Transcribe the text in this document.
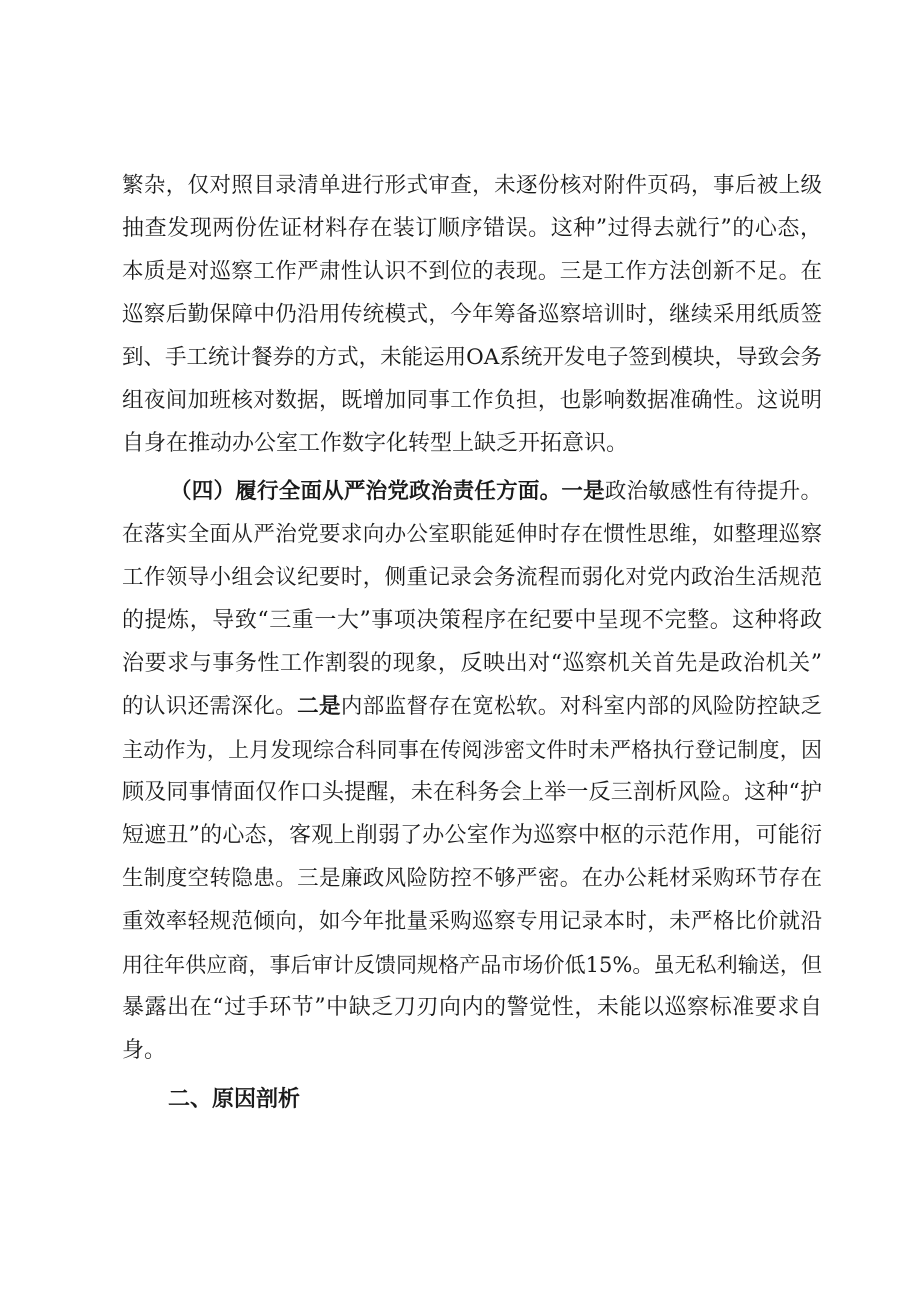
繁杂，仅对照目录清单进行形式审查，未逐份核对附件页码，事后被上级
抽查发现两份佐证材料存在装订顺序错误。这种”过得去就行”的心态，
本质是对巡察工作严肃性认识不到位的表现。三是工作方法创新不足。在
巡察后勤保障中仍沿用传统模式，今年筹备巡察培训时，继续采用纸质签
到、手工统计餐券的方式，未能运用OA系统开发电子签到模块，导致会务
组夜间加班核对数据，既增加同事工作负担，也影响数据准确性。这说明
自身在推动办公室工作数字化转型上缺乏开拓意识。
（四）履行全面从严治党政治责任方面。一是政治敏感性有待提升。
在落实全面从严治党要求向办公室职能延伸时存在惯性思维，如整理巡察
工作领导小组会议纪要时，侧重记录会务流程而弱化对党内政治生活规范
的提炼，导致“三重一大”事项决策程序在纪要中呈现不完整。这种将政
治要求与事务性工作割裂的现象，反映出对“巡察机关首先是政治机关”
的认识还需深化。二是内部监督存在宽松软。对科室内部的风险防控缺乏
主动作为，上月发现综合科同事在传阅涉密文件时未严格执行登记制度，因
顾及同事情面仅作口头提醒，未在科务会上举一反三剖析风险。这种“护
短遮丑”的心态，客观上削弱了办公室作为巡察中枢的示范作用，可能衍
生制度空转隐患。三是廉政风险防控不够严密。在办公耗材采购环节存在
重效率轻规范倾向，如今年批量采购巡察专用记录本时，未严格比价就沿
用往年供应商，事后审计反馈同规格产品市场价低15%。虽无私利输送，但
暴露出在“过手环节”中缺乏刀刃向内的警觉性，未能以巡察标准要求自
身。
二、原因剖析
